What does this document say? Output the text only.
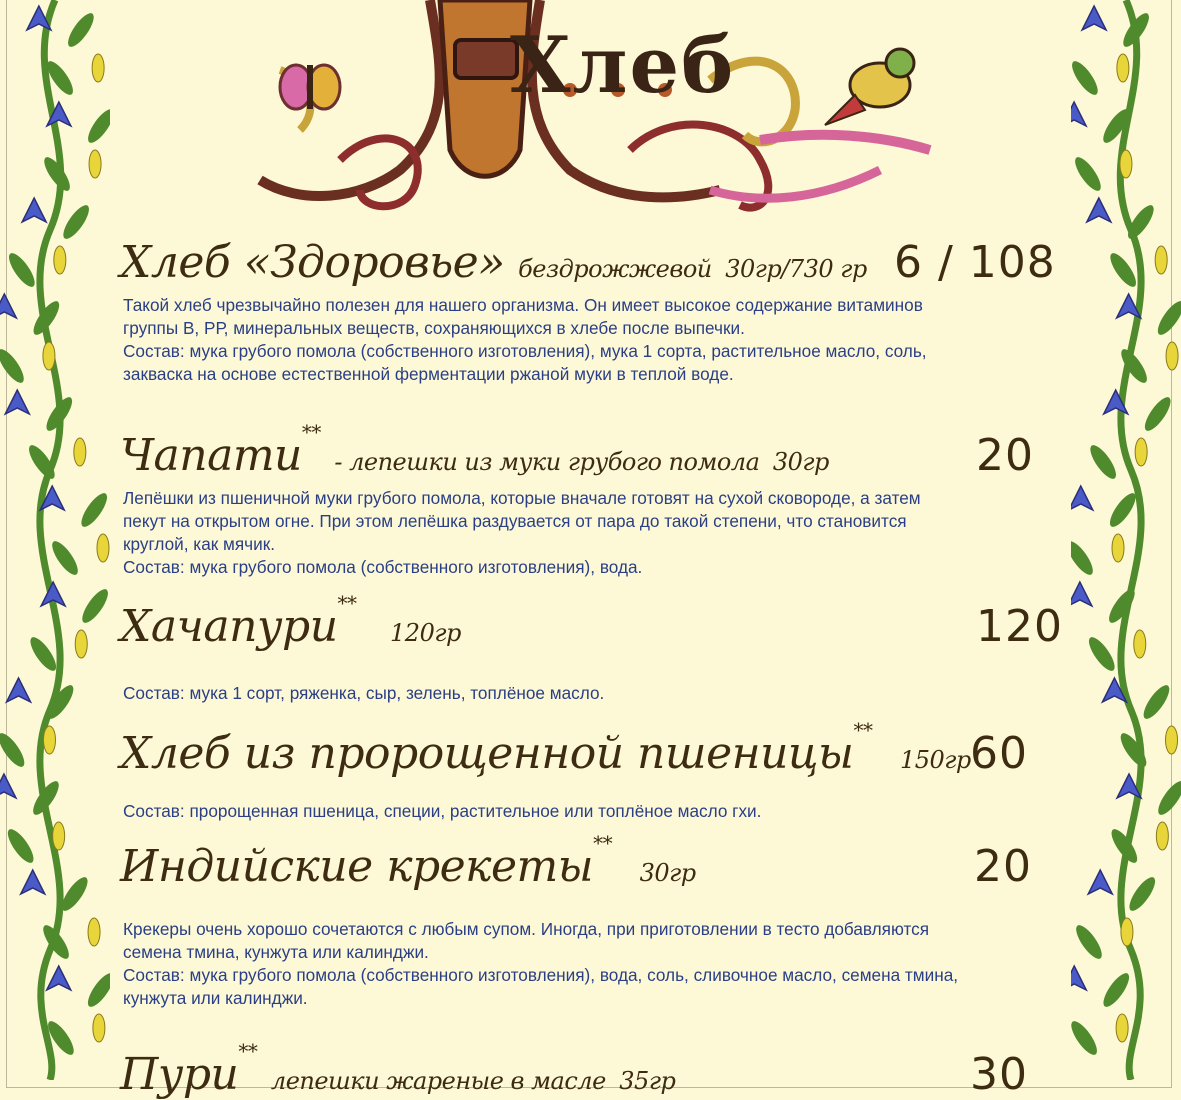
Хлеб
Хлеб «Здоровье» бездрожжевой 30гр/730 гр 6 / 108

Такой хлеб чрезвычайно полезен для нашего организма. Он имеет высокое содержание витаминов
группы В, РР, минеральных веществ, сохраняющихся в хлебе после выпечки.
Состав: мука грубого помола (собственного изготовления), мука 1 сорта, растительное масло, соль,
закваска на основе естественной ферментации ржаной муки в теплой воде.

Чапати** - лепешки из муки грубого помола 30гр	20

Лепёшки из пшеничной муки грубого помола, которые вначале готовят на сухой сковороде, а затем
пекут на открытом огне. При этом лепёшка раздувается от пара до такой степени, что становится
круглой, как мячик.
Состав: мука грубого помола (собственного изготовления), вода.

Хачапури** 120гр	120

Состав: мука 1 сорт, ряженка, сыр, зелень, топлёное масло.

Хлеб из пророщенной пшеницы** 150гр 60

Состав: пророщенная пшеница, специи, растительное или топлёное масло гхи.

Индийские крекеты** 30гр	20

Крекеры очень хорошо сочетаются с любым супом. Иногда, при приготовлении в тесто добавляются
семена тмина, кунжута или калинджи.
Состав: мука грубого помола (собственного изготовления), вода, соль, сливочное масло, семена тмина,
кунжута или калинджи.

Пури** лепешки жареные в масле 35гр	30
